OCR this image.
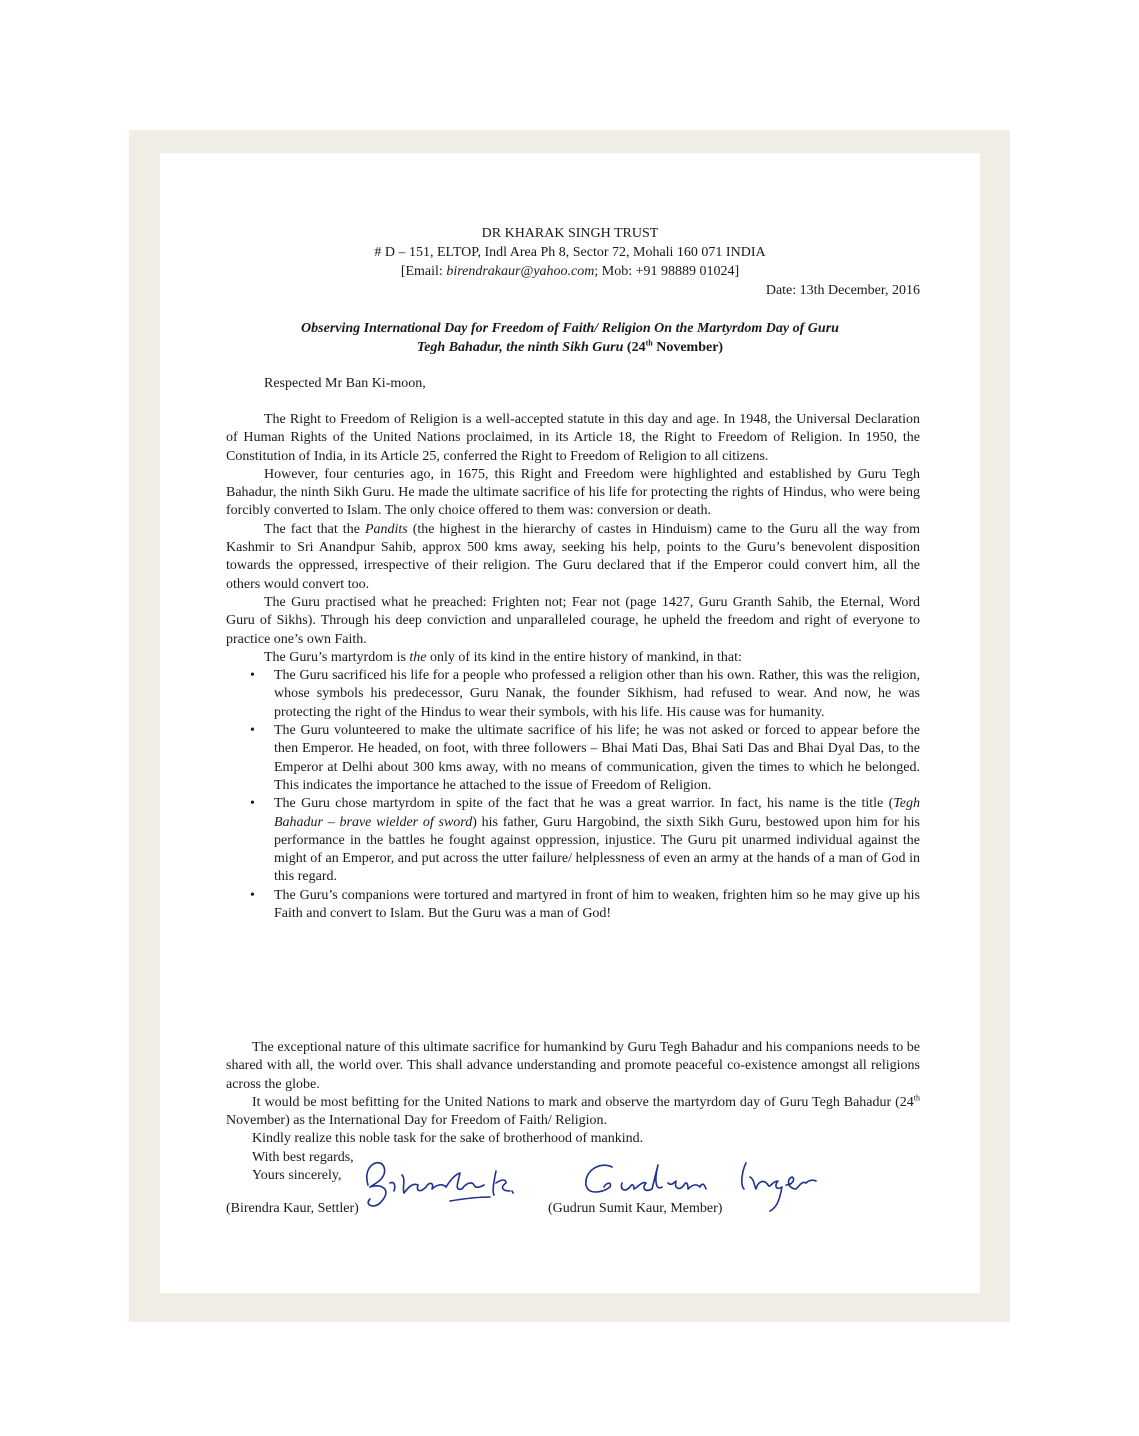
DR KHARAK SINGH TRUST
# D – 151, ELTOP, Indl Area Ph 8, Sector 72, Mohali 160 071 INDIA
[Email: birendrakaur@yahoo.com; Mob: +91 98889 01024]
Date: 13th December, 2016
Observing International Day for Freedom of Faith/ Religion On the Martyrdom Day of Guru
Tegh Bahadur, the ninth Sikh Guru (24th November)
Respected Mr Ban Ki-moon,

The Right to Freedom of Religion is a well-accepted statute in this day and age. In 1948, the Universal Declaration of Human Rights of the United Nations proclaimed, in its Article 18, the Right to Freedom of Religion. In 1950, the Constitution of India, in its Article 25, conferred the Right to Freedom of Religion to all citizens.

However, four centuries ago, in 1675, this Right and Freedom were highlighted and established by Guru Tegh Bahadur, the ninth Sikh Guru. He made the ultimate sacrifice of his life for protecting the rights of Hindus, who were being forcibly converted to Islam. The only choice offered to them was: conversion or death.

The fact that the Pandits (the highest in the hierarchy of castes in Hinduism) came to the Guru all the way from Kashmir to Sri Anandpur Sahib, approx 500 kms away, seeking his help, points to the Guru’s benevolent disposition towards the oppressed, irrespective of their religion. The Guru declared that if the Emperor could convert him, all the others would convert too.

The Guru practised what he preached: Frighten not; Fear not (page 1427, Guru Granth Sahib, the Eternal, Word Guru of Sikhs). Through his deep conviction and unparalleled courage, he upheld the freedom and right of everyone to practice one’s own Faith.

The Guru’s martyrdom is the only of its kind in the entire history of mankind, in that:

• The Guru sacrificed his life for a people who professed a religion other than his own. Rather, this was the religion, whose symbols his predecessor, Guru Nanak, the founder Sikhism, had refused to wear. And now, he was protecting the right of the Hindus to wear their symbols, with his life. His cause was for humanity.
• The Guru volunteered to make the ultimate sacrifice of his life; he was not asked or forced to appear before the then Emperor. He headed, on foot, with three followers – Bhai Mati Das, Bhai Sati Das and Bhai Dyal Das, to the Emperor at Delhi about 300 kms away, with no means of communication, given the times to which he belonged. This indicates the importance he attached to the issue of Freedom of Religion.
• The Guru chose martyrdom in spite of the fact that he was a great warrior. In fact, his name is the title (Tegh Bahadur – brave wielder of sword) his father, Guru Hargobind, the sixth Sikh Guru, bestowed upon him for his performance in the battles he fought against oppression, injustice. The Guru pit unarmed individual against the might of an Emperor, and put across the utter failure/ helplessness of even an army at the hands of a man of God in this regard.
• The Guru’s companions were tortured and martyred in front of him to weaken, frighten him so he may give up his Faith and convert to Islam. But the Guru was a man of God!

The exceptional nature of this ultimate sacrifice for humankind by Guru Tegh Bahadur and his companions needs to be shared with all, the world over. This shall advance understanding and promote peaceful co-existence amongst all religions across the globe.

It would be most befitting for the United Nations to mark and observe the martyrdom day of Guru Tegh Bahadur (24th November) as the International Day for Freedom of Faith/ Religion.

Kindly realize this noble task for the sake of brotherhood of mankind.

With best regards,

Yours sincerely,

(Birendra Kaur, Settler)	(Gudrun Sumit Kaur, Member)
